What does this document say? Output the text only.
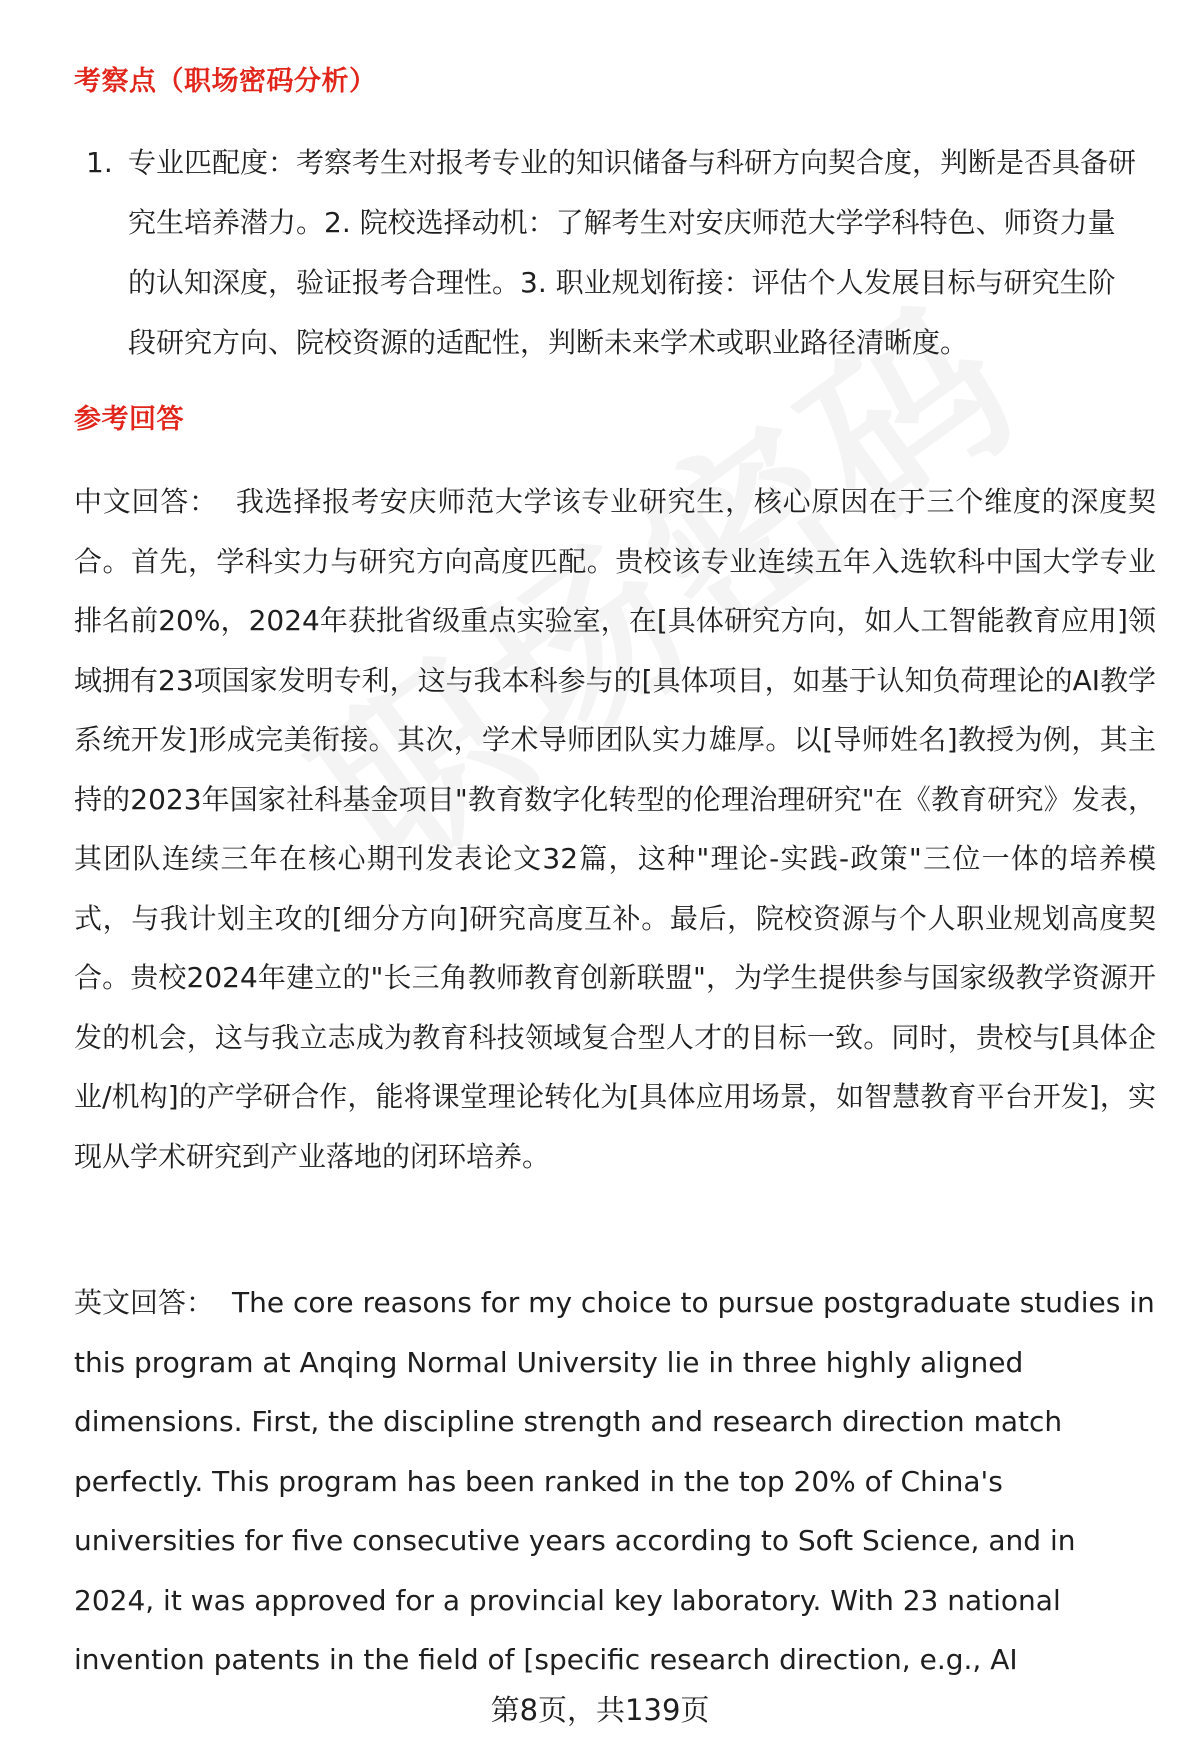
考察点（职场密码分析）
1. 专业匹配度：考察考生对报考专业的知识储备与科研方向契合度，判断是否具备研究生培养潜力。2. 院校选择动机：了解考生对安庆师范大学学科特色、师资力量的认知深度，验证报考合理性。3. 职业规划衔接：评估个人发展目标与研究生阶段研究方向、院校资源的适配性，判断未来学术或职业路径清晰度。
参考回答
中文回答： 我选择报考安庆师范大学该专业研究生，核心原因在于三个维度的深度契合。首先，学科实力与研究方向高度匹配。贵校该专业连续五年入选软科中国大学专业排名前20%，2024年获批省级重点实验室，在[具体研究方向，如人工智能教育应用]领域拥有23项国家发明专利，这与我本科参与的[具体项目，如基于认知负荷理论的AI教学系统开发]形成完美衔接。其次，学术导师团队实力雄厚。以[导师姓名]教授为例，其主持的2023年国家社科基金项目"教育数字化转型的伦理治理研究"在《教育研究》发表，其团队连续三年在核心期刊发表论文32篇，这种"理论-实践-政策"三位一体的培养模式，与我计划主攻的[细分方向]研究高度互补。最后，院校资源与个人职业规划高度契合。贵校2024年建立的"长三角教师教育创新联盟"，为学生提供参与国家级教学资源开发的机会，这与我立志成为教育科技领域复合型人才的目标一致。同时，贵校与[具体企业/机构]的产学研合作，能将课堂理论转化为[具体应用场景，如智慧教育平台开发]，实现从学术研究到产业落地的闭环培养。
英文回答： The core reasons for my choice to pursue postgraduate studies in this program at Anqing Normal University lie in three highly aligned dimensions. First, the discipline strength and research direction match perfectly. This program has been ranked in the top 20% of China's universities for five consecutive years according to Soft Science, and in 2024, it was approved for a provincial key laboratory. With 23 national invention patents in the field of [specific research direction, e.g., AI
第8页，共139页
